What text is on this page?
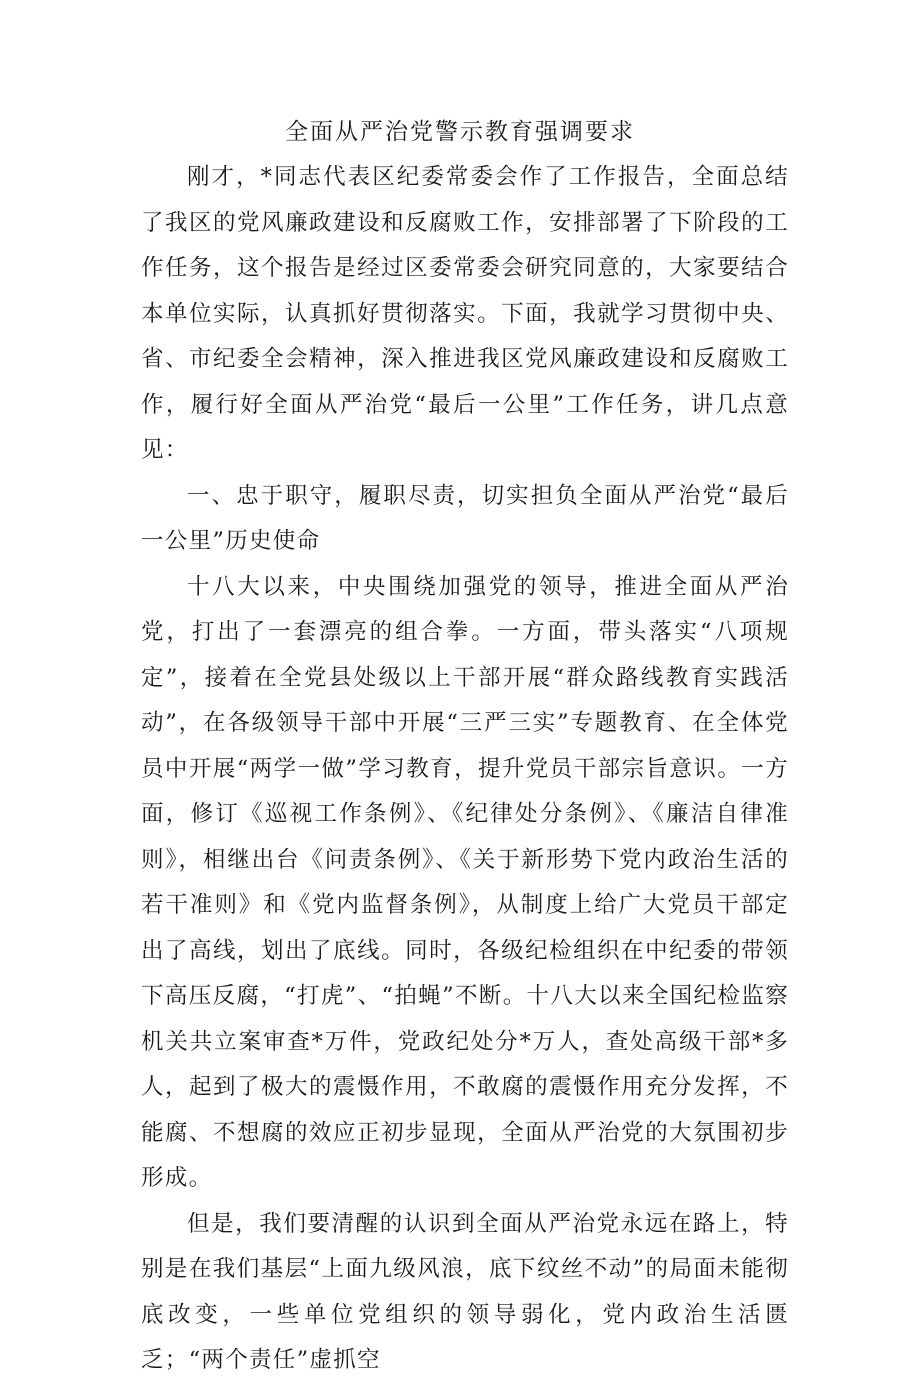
全面从严治党警示教育强调要求

刚才，*同志代表区纪委常委会作了工作报告，全面总结了我区的党风廉政建设和反腐败工作，安排部署了下阶段的工作任务，这个报告是经过区委常委会研究同意的，大家要结合本单位实际，认真抓好贯彻落实。下面，我就学习贯彻中央、省、市纪委全会精神，深入推进我区党风廉政建设和反腐败工作，履行好全面从严治党“最后一公里”工作任务，讲几点意见：

一、忠于职守，履职尽责，切实担负全面从严治党“最后一公里”历史使命

十八大以来，中央围绕加强党的领导，推进全面从严治党，打出了一套漂亮的组合拳。一方面，带头落实“八项规定”，接着在全党县处级以上干部开展“群众路线教育实践活动”，在各级领导干部中开展“三严三实”专题教育、在全体党员中开展“两学一做”学习教育，提升党员干部宗旨意识。一方面，修订《巡视工作条例》、《纪律处分条例》、《廉洁自律准则》，相继出台《问责条例》、《关于新形势下党内政治生活的若干准则》和《党内监督条例》，从制度上给广大党员干部定出了高线，划出了底线。同时，各级纪检组织在中纪委的带领下高压反腐，“打虎”、“拍蝇”不断。十八大以来全国纪检监察机关共立案审查*万件，党政纪处分*万人，查处高级干部*多人，起到了极大的震慑作用，不敢腐的震慑作用充分发挥，不能腐、不想腐的效应正初步显现，全面从严治党的大氛围初步形成。

但是，我们要清醒的认识到全面从严治党永远在路上，特别是在我们基层“上面九级风浪，底下纹丝不动”的局面未能彻底改变，一些单位党组织的领导弱化，党内政治生活匮乏；“两个责任”虚抓空
